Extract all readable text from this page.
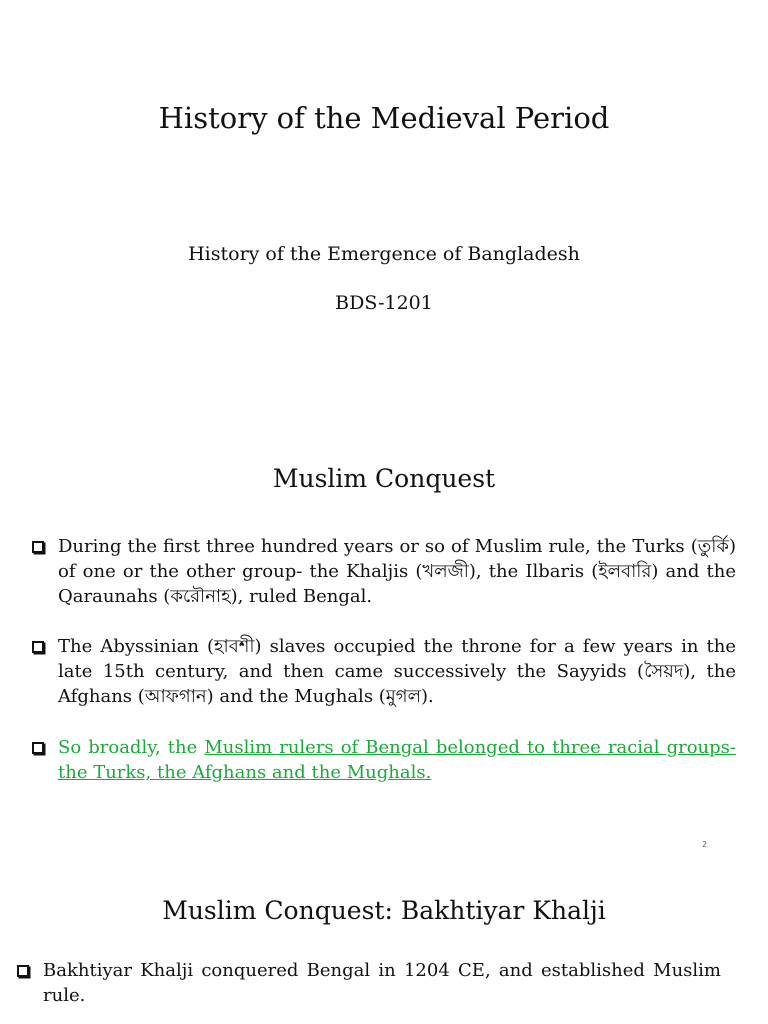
History of the Medieval Period

History of the Emergence of Bangladesh

BDS-1201

Muslim Conquest

During the first three hundred years or so of Muslim rule, the Turks (তুর্কি) of one or the other group- the Khaljis (খলজী), the Ilbaris (ইলবারি) and the Qaraunahs (করৌনাহ), ruled Bengal.

The Abyssinian (হাবশী) slaves occupied the throne for a few years in the late 15th century, and then came successively the Sayyids (সৈয়দ), the Afghans (আফগান) and the Mughals (মুগল).

So broadly, the Muslim rulers of Bengal belonged to three racial groups- the Turks, the Afghans and the Mughals.

2
Muslim Conquest: Bakhtiyar Khalji

Bakhtiyar Khalji conquered Bengal in 1204 CE, and established Muslim rule.
